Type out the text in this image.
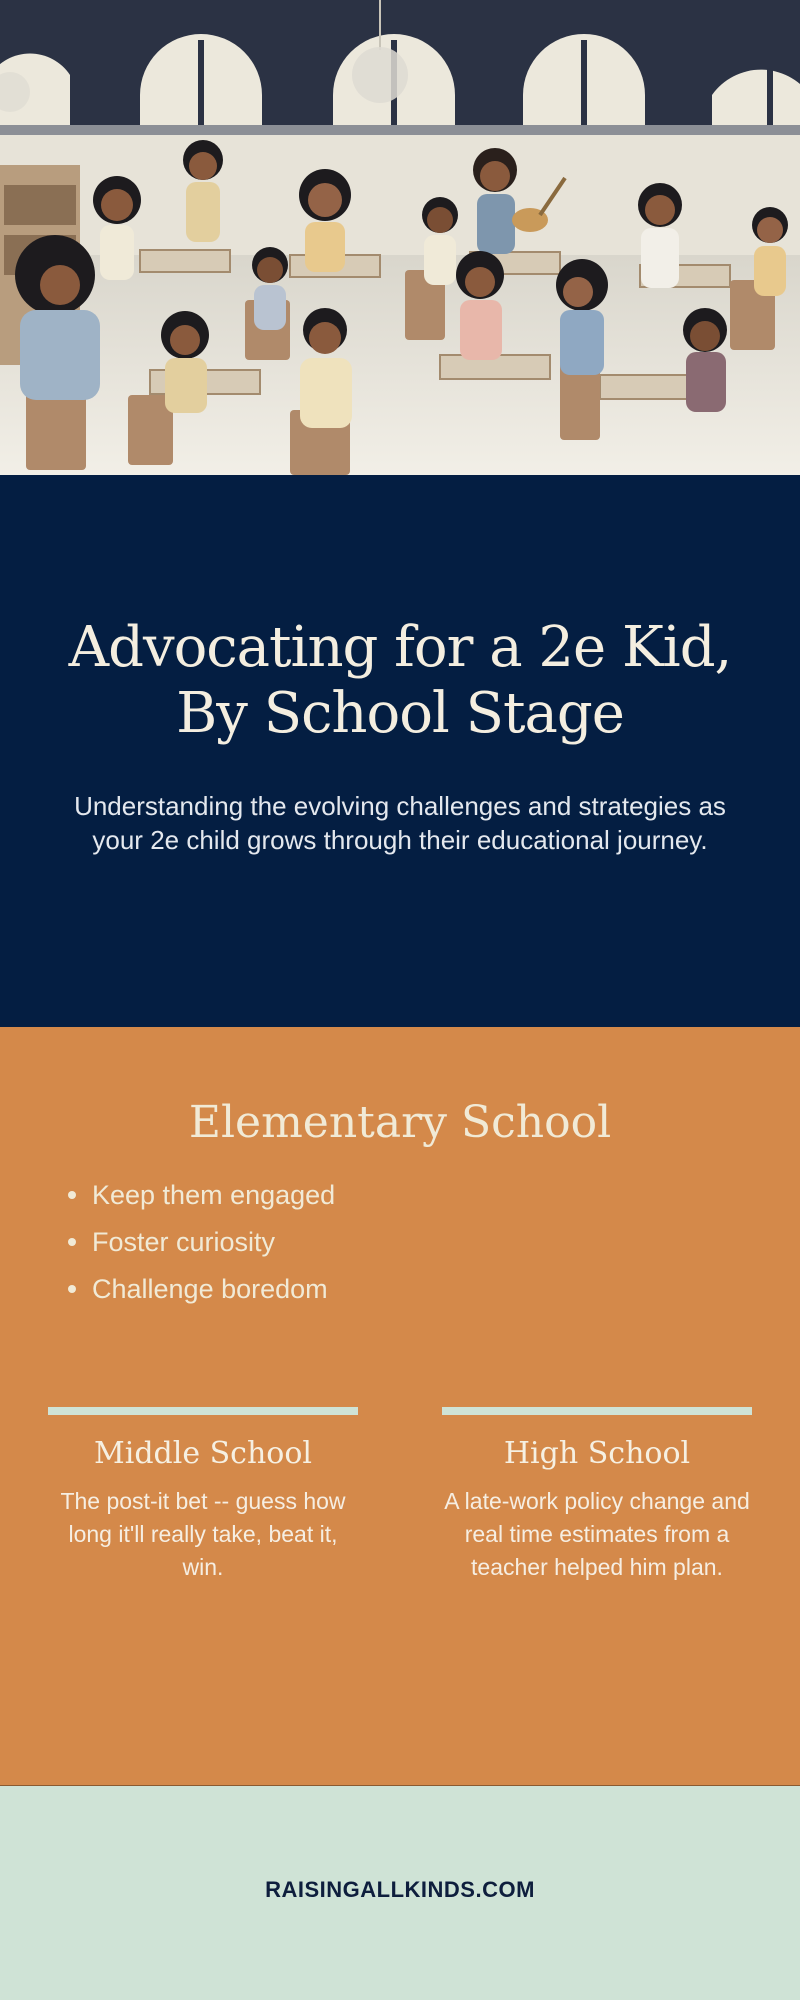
Advocating for a 2e Kid, By School Stage

Understanding the evolving challenges and strategies as your 2e child grows through their educational journey.

Elementary School
Keep them engaged
Foster curiosity
Challenge boredom
Middle School

The post-it bet -- guess how long it'll really take, beat it, win.

High School

A late-work policy change and real time estimates from a teacher helped him plan.

RAISINGALLKINDS.COM
